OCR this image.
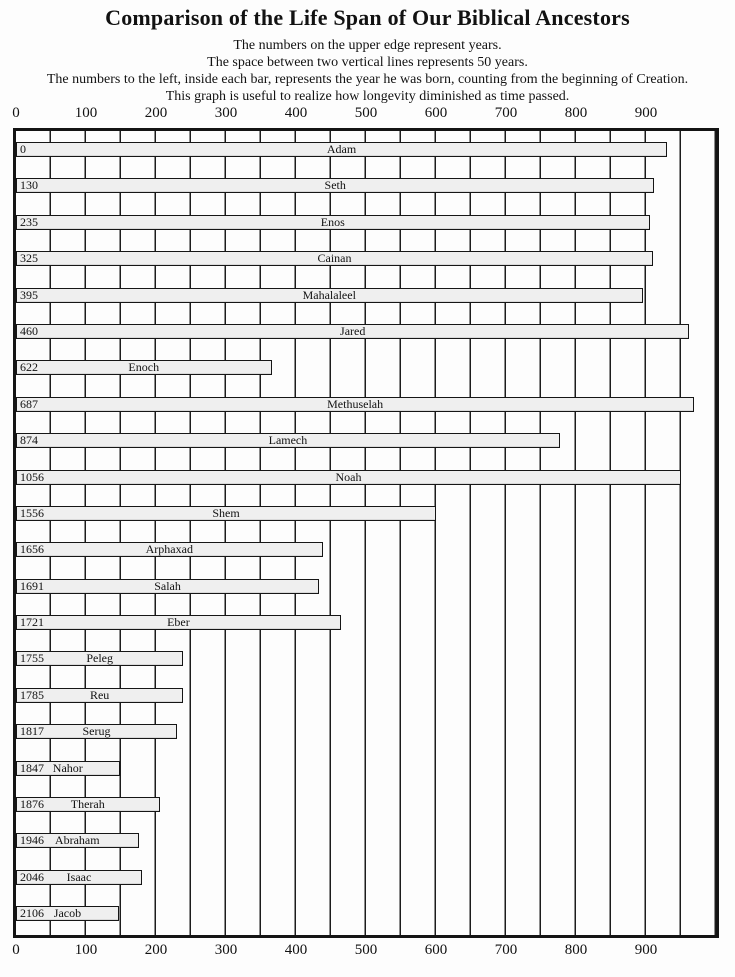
Comparison of the Life Span of Our Biblical Ancestors
The numbers on the upper edge represent years.
The space between two vertical lines represents 50 years.
The numbers to the left, inside each bar, represents the year he was born, counting from the beginning of Creation.
This graph is useful to realize how longevity diminished as time passed.
0	100	200	300	400	500	600	700	800	900
Adam
0
Seth
130
Enos
235
Cainan
325
Mahalaleel
395
Jared
460
Enoch
622
Methuselah
687
Lamech
874
Noah
1056
Shem
1556
Arphaxad
1656
Salah
1691
Eber
1721
Peleg
1755
Reu
1785
Serug
1817
Nahor
1847
Therah
1876
Abraham
1946
Isaac
2046
Jacob
2106
0	100	200	300	400	500	600	700	800	900
